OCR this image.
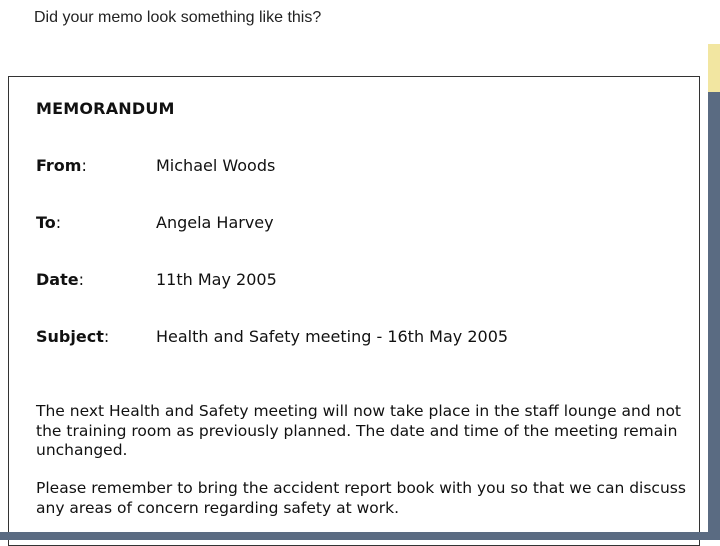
Did your memo look something like this?
MEMORANDUM
From:	Michael Woods
To:	Angela Harvey
Date:	11th May 2005
Subject:	Health and Safety meeting - 16th May 2005
The next Health and Safety meeting will now take place in the staff lounge and not the training room as previously planned. The date and time of the meeting remain unchanged.
Please remember to bring the accident report book with you so that we can discuss any areas of concern regarding safety at work.
